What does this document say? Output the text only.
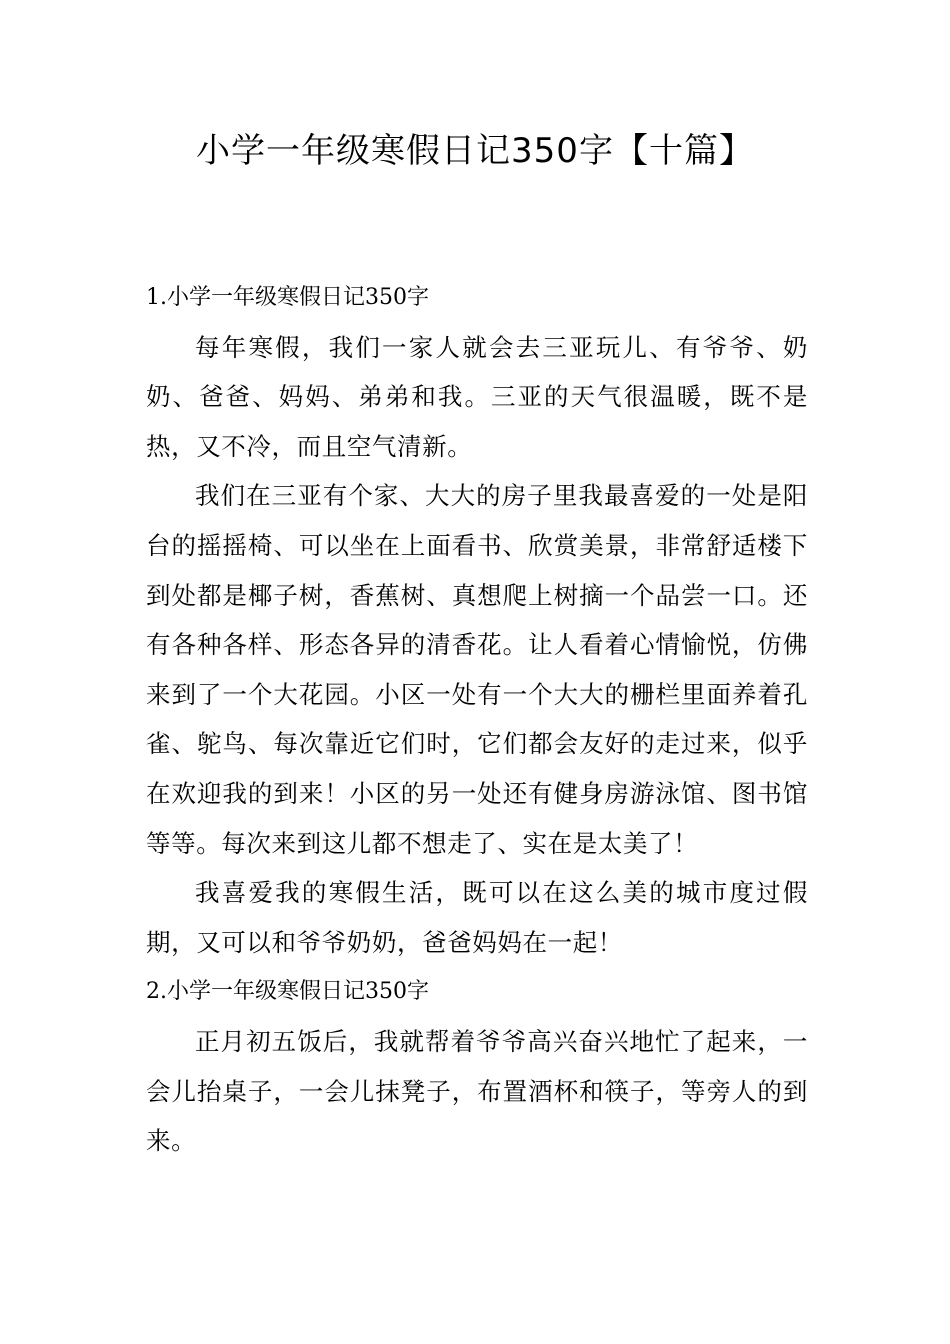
小学一年级寒假日记350字【十篇】
1.小学一年级寒假日记350字

每年寒假，我们一家人就会去三亚玩儿、有爷爷、奶奶、爸爸、妈妈、弟弟和我。三亚的天气很温暖，既不是热，又不冷，而且空气清新。

我们在三亚有个家、大大的房子里我最喜爱的一处是阳台的摇摇椅、可以坐在上面看书、欣赏美景，非常舒适楼下到处都是椰子树，香蕉树、真想爬上树摘一个品尝一口。还有各种各样、形态各异的清香花。让人看着心情愉悦，仿佛来到了一个大花园。小区一处有一个大大的栅栏里面养着孔雀、鸵鸟、每次靠近它们时，它们都会友好的走过来，似乎在欢迎我的到来！小区的另一处还有健身房游泳馆、图书馆等等。每次来到这儿都不想走了、实在是太美了！

我喜爱我的寒假生活，既可以在这么美的城市度过假期，又可以和爷爷奶奶，爸爸妈妈在一起！

2.小学一年级寒假日记350字

正月初五饭后，我就帮着爷爷高兴奋兴地忙了起来，一会儿抬桌子，一会儿抹凳子，布置酒杯和筷子，等旁人的到来。
